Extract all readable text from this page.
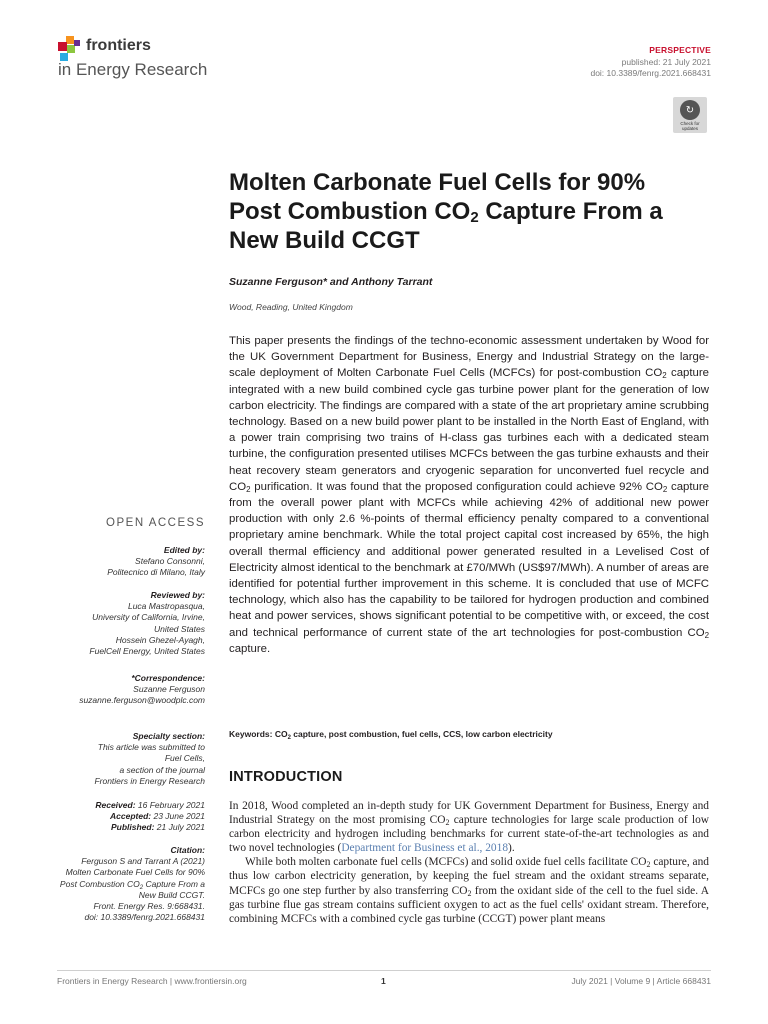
frontiers
in Energy Research
PERSPECTIVE
published: 21 July 2021
doi: 10.3389/fenrg.2021.668431
↻
Check for updates
Molten Carbonate Fuel Cells for 90%
Post Combustion $CO_2$ Capture From a
New Build CCGT
Suzanne Ferguson* and Anthony Tarrant
Wood, Reading, United Kingdom

This paper presents the findings of the techno-economic assessment undertaken by Wood for the UK Government Department for Business, Energy and Industrial Strategy on the large-scale deployment of Molten Carbonate Fuel Cells (MCFCs) for post-combustion $CO_2$ capture integrated with a new build combined cycle gas turbine power plant for the generation of low carbon electricity. The findings are compared with a state of the art proprietary amine scrubbing technology. Based on a new build power plant to be installed in the North East of England, with a power train comprising two trains of H-class gas turbines each with a dedicated steam turbine, the configuration presented utilises MCFCs between the gas turbine exhausts and their heat recovery steam generators and cryogenic separation for unconverted fuel recycle and $CO_2$ purification. It was found that the proposed configuration could achieve 92% $CO_2$ capture from the overall power plant with MCFCs while achieving 42% of additional new power production with only 2.6 %-points of thermal efficiency penalty compared to a conventional proprietary amine benchmark. While the total project capital cost increased by 65%, the high overall thermal efficiency and additional power generated resulted in a Levelised Cost of Electricity almost identical to the benchmark at £70/MWh (US$97/MWh). A number of areas are identified for potential further improvement in this scheme. It is concluded that use of MCFC technology, which also has the capability to be tailored for hydrogen production and combined heat and power services, shows significant potential to be competitive with, or exceed, the cost and technical performance of current state of the art technologies for post-combustion $CO_2$ capture.

Keywords: $CO_2$ capture, post combustion, fuel cells, CCS, low carbon electricity
INTRODUCTION

In 2018, Wood completed an in-depth study for UK Government Department for Business, Energy and Industrial Strategy on the most promising $CO_2$ capture technologies for large scale production of low carbon electricity and hydrogen including benchmarks for current state-of-the-art technologies as and two novel technologies (Department for Business et al., 2018).

While both molten carbonate fuel cells (MCFCs) and solid oxide fuel cells facilitate $CO_2$ capture, and thus low carbon electricity generation, by keeping the fuel stream and the oxidant streams separate, MCFCs go one step further by also transferring $CO_2$ from the oxidant side of the cell to the fuel side. A gas turbine flue gas stream contains sufficient oxygen to act as the fuel cells' oxidant stream. Therefore, combining MCFCs with a combined cycle gas turbine (CCGT) power plant means

OPEN ACCESS
Edited by:
Stefano Consonni,
Politecnico di Milano, Italy
Reviewed by:
Luca Mastropasqua,
University of California, Irvine,
United States
Hossein Ghezel-Ayagh,
FuelCell Energy, United States
*Correspondence:
Suzanne Ferguson
suzanne.ferguson@woodplc.com
Specialty section:
This article was submitted to
Fuel Cells,
a section of the journal
Frontiers in Energy Research
Received: 16 February 2021
Accepted: 23 June 2021
Published: 21 July 2021
Citation:
Ferguson S and Tarrant A (2021)
Molten Carbonate Fuel Cells for 90%
Post Combustion $CO_2$ Capture From a
New Build CCGT.
Front. Energy Res. 9:668431.
doi: 10.3389/fenrg.2021.668431
Frontiers in Energy Research | www.frontiersin.org	1	July 2021 | Volume 9 | Article 668431
